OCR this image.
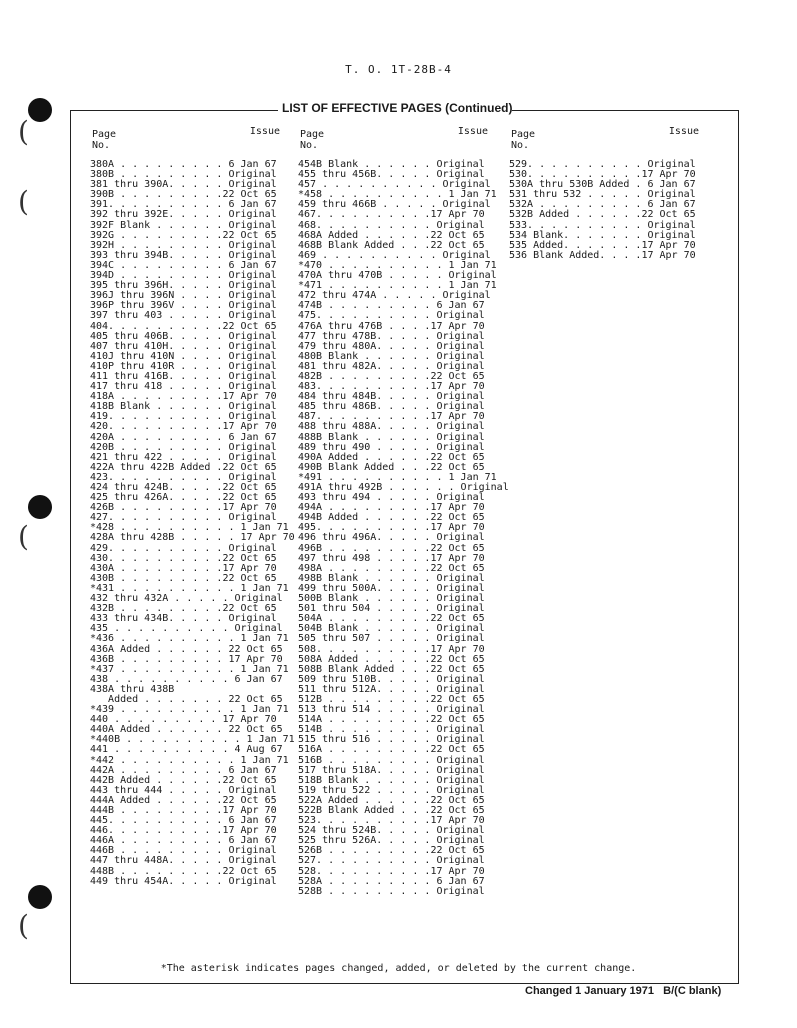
(
(
(
(
T. O. 1T-28B-4
LIST OF EFFECTIVE PAGES (Continued)
Page
No.
Issue
380A . . . . . . . . . 6 Jan 67
380B . . . . . . . . . Original
381 thru 390A. . . . . Original
390B . . . . . . . . .22 Oct 65
391. . . . . . . . . . 6 Jan 67
392 thru 392E. . . . . Original
392F Blank . . . . . . Original
392G . . . . . . . . .22 Oct 65
392H . . . . . . . . . Original
393 thru 394B. . . . . Original
394C . . . . . . . . . 6 Jan 67
394D . . . . . . . . . Original
395 thru 396H. . . . . Original
396J thru 396N . . . . Original
396P thru 396V . . . . Original
397 thru 403 . . . . . Original
404. . . . . . . . . .22 Oct 65
405 thru 406B. . . . . Original
407 thru 410H. . . . . Original
410J thru 410N . . . . Original
410P thru 410R . . . . Original
411 thru 416B. . . . . Original
417 thru 418 . . . . . Original
418A . . . . . . . . .17 Apr 70
418B Blank . . . . . . Original
419. . . . . . . . . . Original
420. . . . . . . . . .17 Apr 70
420A . . . . . . . . . 6 Jan 67
420B . . . . . . . . . Original
421 thru 422 . . . . . Original
422A thru 422B Added .22 Oct 65
423. . . . . . . . . . Original
424 thru 424B. . . . .22 Oct 65
425 thru 426A. . . . .22 Oct 65
426B . . . . . . . . .17 Apr 70
427. . . . . . . . . . Original
*428 . . . . . . . . . . 1 Jan 71
428A thru 428B . . . . . 17 Apr 70
429. . . . . . . . . . Original
430. . . . . . . . . .22 Oct 65
430A . . . . . . . . .17 Apr 70
430B . . . . . . . . .22 Oct 65
*431 . . . . . . . . . . 1 Jan 71
432 thru 432A . . . . . Original
432B . . . . . . . . .22 Oct 65
433 thru 434B. . . . . Original
435 . . . . . . . . . . Original
*436 . . . . . . . . . . 1 Jan 71
436A Added . . . . . . 22 Oct 65
436B . . . . . . . . . 17 Apr 70
*437 . . . . . . . . . . 1 Jan 71
438 . . . . . . . . . . 6 Jan 67
438A thru 438B
Added . . . . . . . 22 Oct 65
*439 . . . . . . . . . . 1 Jan 71
440 . . . . . . . . . 17 Apr 70
440A Added . . . . . . 22 Oct 65
*440B . . . . . . . . . . 1 Jan 71
441 . . . . . . . . . . 4 Aug 67
*442 . . . . . . . . . . 1 Jan 71
442A . . . . . . . . . 6 Jan 67
442B Added . . . . . .22 Oct 65
443 thru 444 . . . . . Original
444A Added . . . . . .22 Oct 65
444B . . . . . . . . .17 Apr 70
445. . . . . . . . . . 6 Jan 67
446. . . . . . . . . .17 Apr 70
446A . . . . . . . . . 6 Jan 67
446B . . . . . . . . . Original
447 thru 448A. . . . . Original
448B . . . . . . . . .22 Oct 65
449 thru 454A. . . . . Original
Page
No.
Issue
454B Blank . . . . . . Original
455 thru 456B. . . . . Original
457 . . . . . . . . . . Original
*458 . . . . . . . . . . 1 Jan 71
459 thru 466B . . . . . Original
467. . . . . . . . . .17 Apr 70
468. . . . . . . . . . Original
468A Added . . . . . .22 Oct 65
468B Blank Added . . .22 Oct 65
469 . . . . . . . . . . Original
*470 . . . . . . . . . . 1 Jan 71
470A thru 470B . . . . . Original
*471 . . . . . . . . . . 1 Jan 71
472 thru 474A . . . . . Original
474B . . . . . . . . . 6 Jan 67
475. . . . . . . . . . Original
476A thru 476B . . . .17 Apr 70
477 thru 478B. . . . . Original
479 thru 480A. . . . . Original
480B Blank . . . . . . Original
481 thru 482A. . . . . Original
482B . . . . . . . . .22 Oct 65
483. . . . . . . . . .17 Apr 70
484 thru 484B. . . . . Original
485 thru 486B. . . . . Original
487. . . . . . . . . .17 Apr 70
488 thru 488A. . . . . Original
488B Blank . . . . . . Original
489 thru 490 . . . . . Original
490A Added . . . . . .22 Oct 65
490B Blank Added . . .22 Oct 65
*491 . . . . . . . . . . 1 Jan 71
491A thru 492B . . . . . . Original
493 thru 494 . . . . . Original
494A . . . . . . . . .17 Apr 70
494B Added . . . . . .22 Oct 65
495. . . . . . . . . .17 Apr 70
496 thru 496A. . . . . Original
496B . . . . . . . . .22 Oct 65
497 thru 498 . . . . .17 Apr 70
498A . . . . . . . . .22 Oct 65
498B Blank . . . . . . Original
499 thru 500A. . . . . Original
500B Blank . . . . . . Original
501 thru 504 . . . . . Original
504A . . . . . . . . .22 Oct 65
504B Blank . . . . . . Original
505 thru 507 . . . . . Original
508. . . . . . . . . .17 Apr 70
508A Added . . . . . .22 Oct 65
508B Blank Added . . .22 Oct 65
509 thru 510B. . . . . Original
511 thru 512A. . . . . Original
512B . . . . . . . . .22 Oct 65
513 thru 514 . . . . . Original
514A . . . . . . . . .22 Oct 65
514B . . . . . . . . . Original
515 thru 516 . . . . . Original
516A . . . . . . . . .22 Oct 65
516B . . . . . . . . . Original
517 thru 518A. . . . . Original
518B Blank . . . . . . Original
519 thru 522 . . . . . Original
522A Added . . . . . .22 Oct 65
522B Blank Added . . .22 Oct 65
523. . . . . . . . . .17 Apr 70
524 thru 524B. . . . . Original
525 thru 526A. . . . . Original
526B . . . . . . . . .22 Oct 65
527. . . . . . . . . . Original
528. . . . . . . . . .17 Apr 70
528A . . . . . . . . . 6 Jan 67
528B . . . . . . . . . Original
Page
No.
Issue
529. . . . . . . . . . Original
530. . . . . . . . . .17 Apr 70
530A thru 530B Added . 6 Jan 67
531 thru 532 . . . . . Original
532A . . . . . . . . . 6 Jan 67
532B Added . . . . . .22 Oct 65
533. . . . . . . . . . Original
534 Blank. . . . . . . Original
535 Added. . . . . . .17 Apr 70
536 Blank Added. . . .17 Apr 70
*The asterisk indicates pages changed, added, or deleted by the current change.
Changed 1 January 1971   B/(C blank)
